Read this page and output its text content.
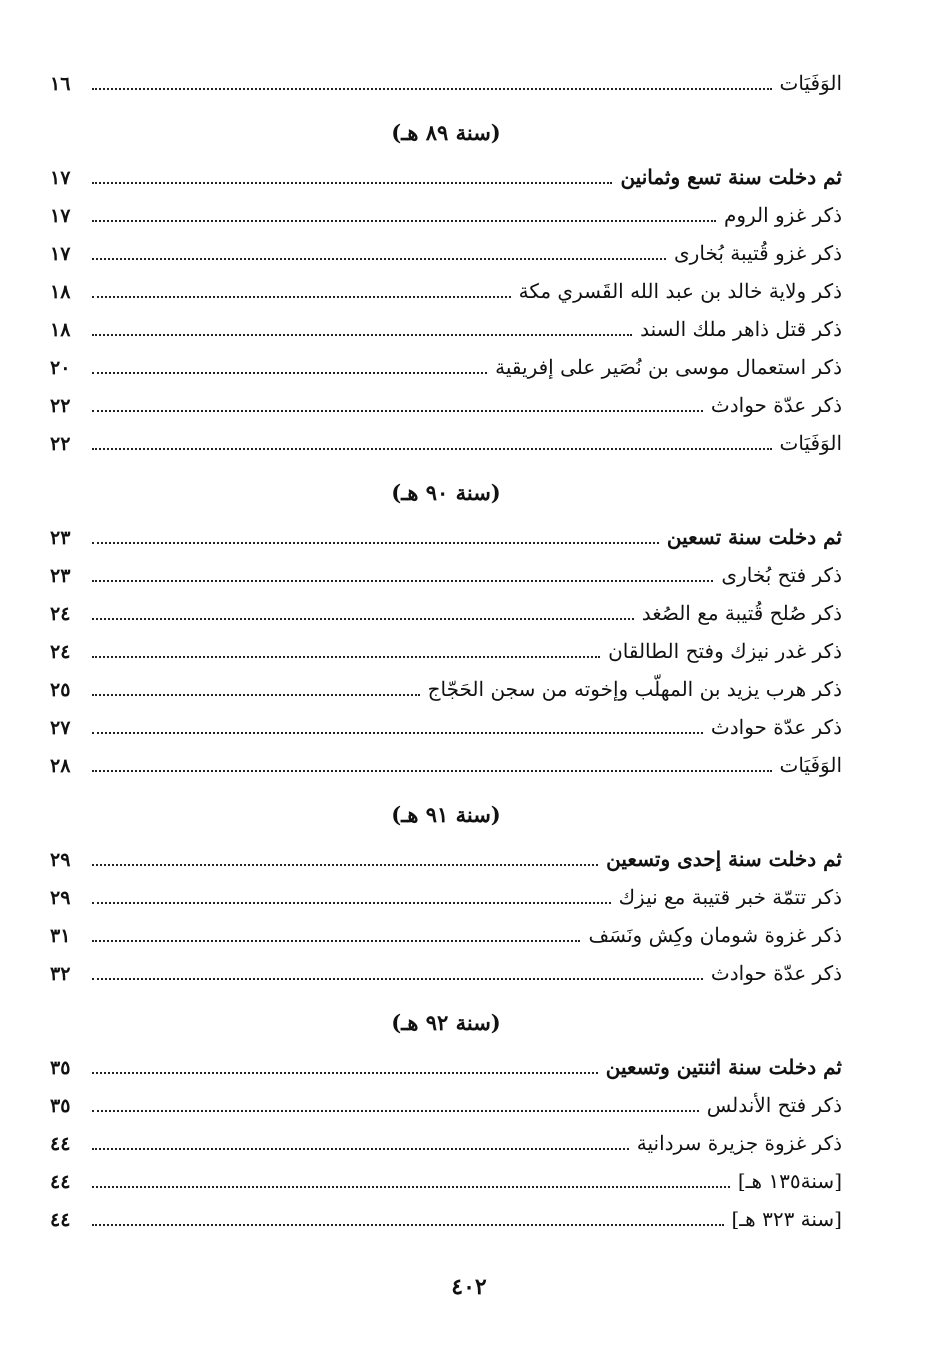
الوَفَيَات
١٦
(سنة ٨٩ هـ)
ثم دخلت سنة تسع وثمانين
١٧
ذكر غزو الروم
١٧
ذكر غزو قُتيبة بُخارى
١٧
ذكر ولاية خالد بن عبد الله القَسري مكة
١٨
ذكر قتل ذاهر ملك السند
١٨
ذكر استعمال موسى بن نُصَير على إفريقية
٢٠
ذكر عدّة حوادث
٢٢
الوَفَيَات
٢٢
(سنة ٩٠ هـ)
ثم دخلت سنة تسعين
٢٣
ذكر فتح بُخارى
٢٣
ذكر صُلح قُتيبة مع الصُغد
٢٤
ذكر غدر نيزك وفتح الطالقان
٢٤
ذكر هرب يزيد بن المهلّب وإخوته من سجن الحَجّاج
٢٥
ذكر عدّة حوادث
٢٧
الوَفَيَات
٢٨
(سنة ٩١ هـ)
ثم دخلت سنة إحدى وتسعين
٢٩
ذكر تتمّة خبر قتيبة مع نيزك
٢٩
ذكر غزوة شومان وكِش ونَسَف
٣١
ذكر عدّة حوادث
٣٢
(سنة ٩٢ هـ)
ثم دخلت سنة اثنتين وتسعين
٣٥
ذكر فتح الأندلس
٣٥
ذكر غزوة جزيرة سردانية
٤٤
[سنة١٣٥ هـ]
٤٤
[سنة ٣٢٣ هـ]
٤٤
٤٠٢
